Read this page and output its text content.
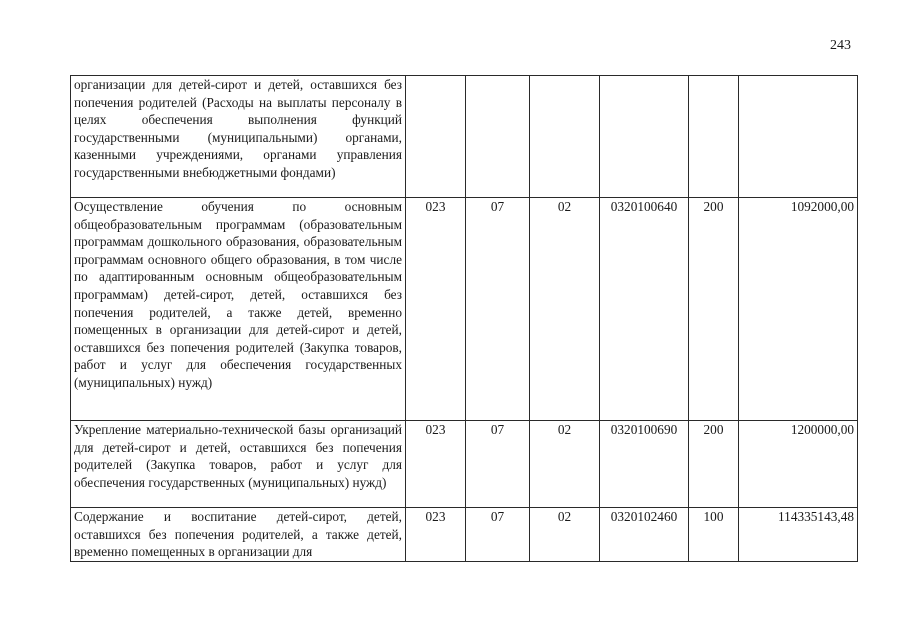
243
организации для детей-сирот и детей, оставшихся без попечения родителей (Расходы на выплаты персоналу в целях обеспечения выполнения функций государственными (муниципальными) органами, казенными учреждениями, органами управления государственными внебюджетными фондами)						

Осуществление обучения по основным общеобразовательным программам (образовательным программам дошкольного образования, образовательным программам основного общего образования, в том числе по адаптированным основным общеобразовательным программам) детей-сирот, детей, оставшихся без попечения родителей, а также детей, временно помещенных в организации для детей-сирот и детей, оставшихся без попечения родителей (Закупка товаров, работ и услуг для обеспечения государственных (муниципальных) нужд)	023	07	02	0320100640	200	1092000,00

Укрепление материально-технической базы организаций для детей-сирот и детей, оставшихся без попечения родителей (Закупка товаров, работ и услуг для обеспечения государственных (муниципальных) нужд)	023	07	02	0320100690	200	1200000,00

Содержание и воспитание детей-сирот, детей, оставшихся без попечения родителей, а также детей, временно помещенных в организации для	023	07	02	0320102460	100	114335143,48
